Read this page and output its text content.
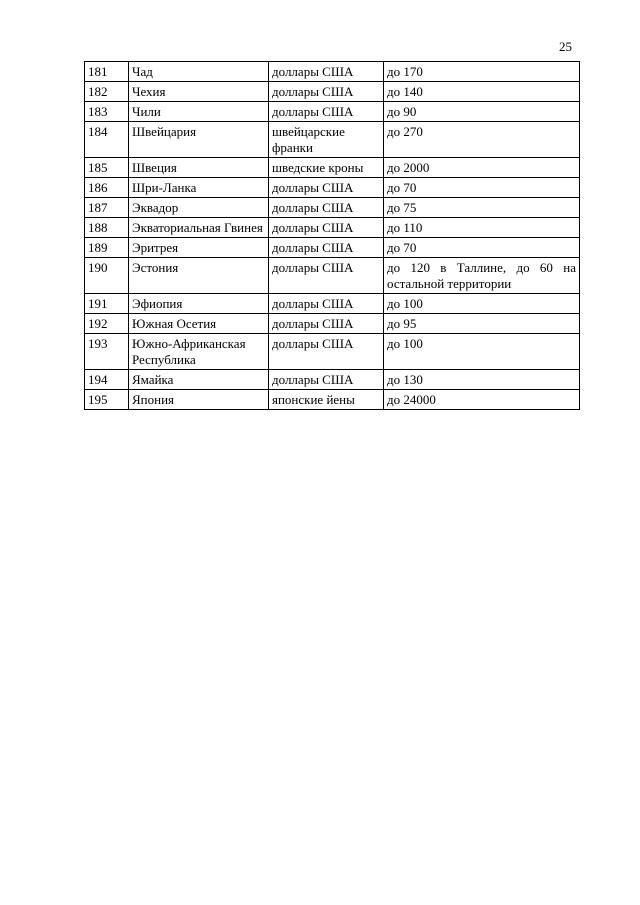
25
181	Чад	доллары США	до 170
182	Чехия	доллары США	до 140
183	Чили	доллары США	до 90
184	Швейцария	швейцарские франки	до 270
185	Швеция	шведские кроны	до 2000
186	Шри-Ланка	доллары США	до 70
187	Эквадор	доллары США	до 75
188	Экваториальная Гвинея	доллары США	до 110
189	Эритрея	доллары США	до 70
190	Эстония	доллары США	до 120 в Таллине, до 60 на остальной территории
191	Эфиопия	доллары США	до 100
192	Южная Осетия	доллары США	до 95
193	Южно-Африканская Республика	доллары США	до 100
194	Ямайка	доллары США	до 130
195	Япония	японские йены	до 24000
